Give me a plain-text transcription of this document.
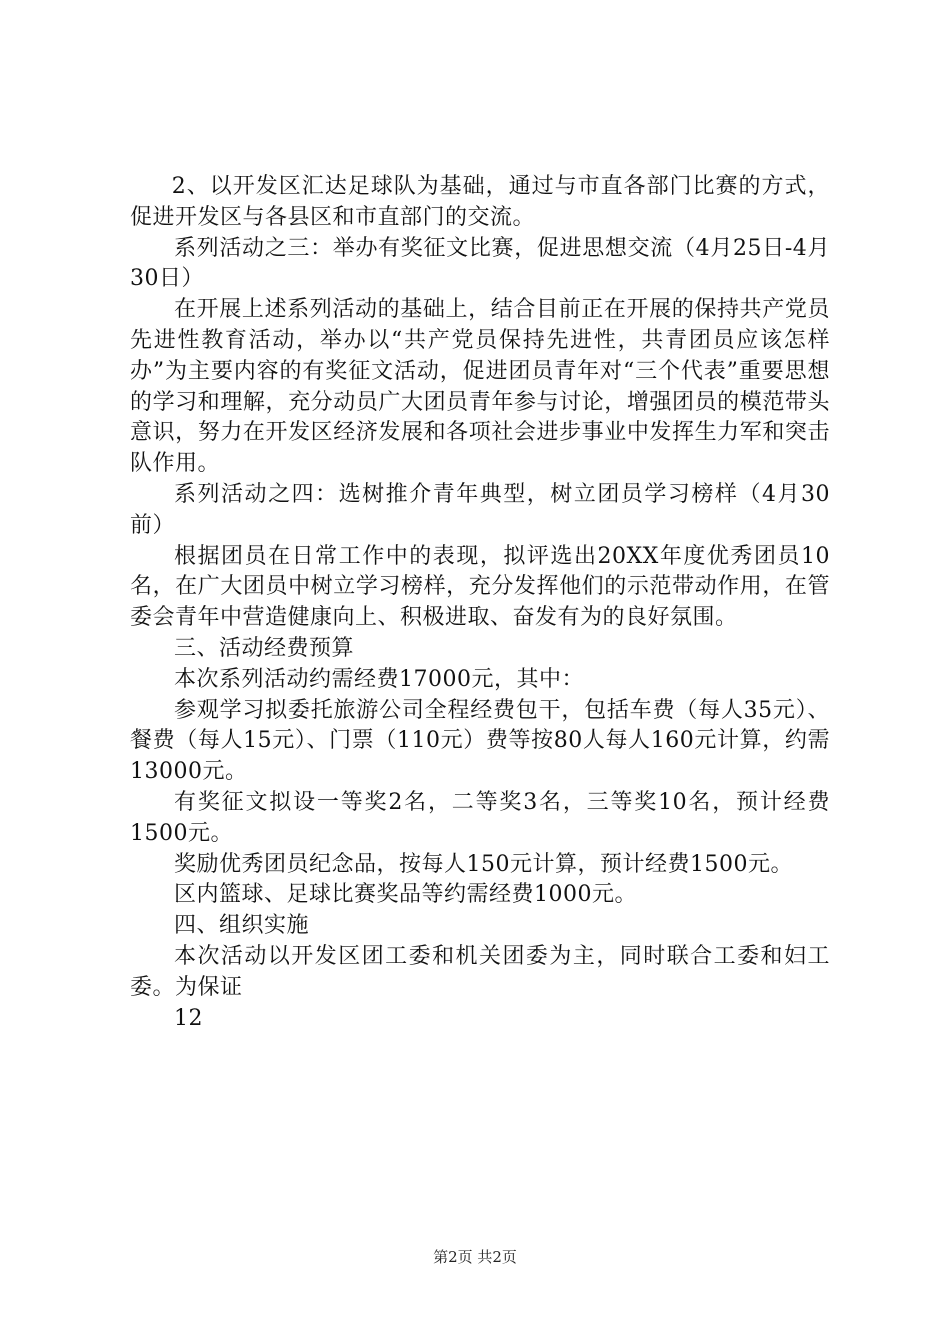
2、以开发区汇达足球队为基础，通过与市直各部门比赛的方式，促进开发区与各县区和市直部门的交流。

系列活动之三：举办有奖征文比赛，促进思想交流（4月25日-4月30日）

在开展上述系列活动的基础上，结合目前正在开展的保持共产党员先进性教育活动，举办以“共产党员保持先进性，共青团员应该怎样办”为主要内容的有奖征文活动，促进团员青年对“三个代表”重要思想的学习和理解，充分动员广大团员青年参与讨论，增强团员的模范带头意识，努力在开发区经济发展和各项社会进步事业中发挥生力军和突击队作用。

系列活动之四：选树推介青年典型，树立团员学习榜样（4月30前）

根据团员在日常工作中的表现，拟评选出20XX年度优秀团员10名，在广大团员中树立学习榜样，充分发挥他们的示范带动作用，在管委会青年中营造健康向上、积极进取、奋发有为的良好氛围。

三、活动经费预算

本次系列活动约需经费17000元，其中：

参观学习拟委托旅游公司全程经费包干，包括车费（每人35元）、餐费（每人15元）、门票（110元）费等按80人每人160元计算，约需13000元。

有奖征文拟设一等奖2名，二等奖3名，三等奖10名，预计经费1500元。

奖励优秀团员纪念品，按每人150元计算，预计经费1500元。

区内篮球、足球比赛奖品等约需经费1000元。

四、组织实施

本次活动以开发区团工委和机关团委为主，同时联合工委和妇工委。为保证

12

第2页 共2页
